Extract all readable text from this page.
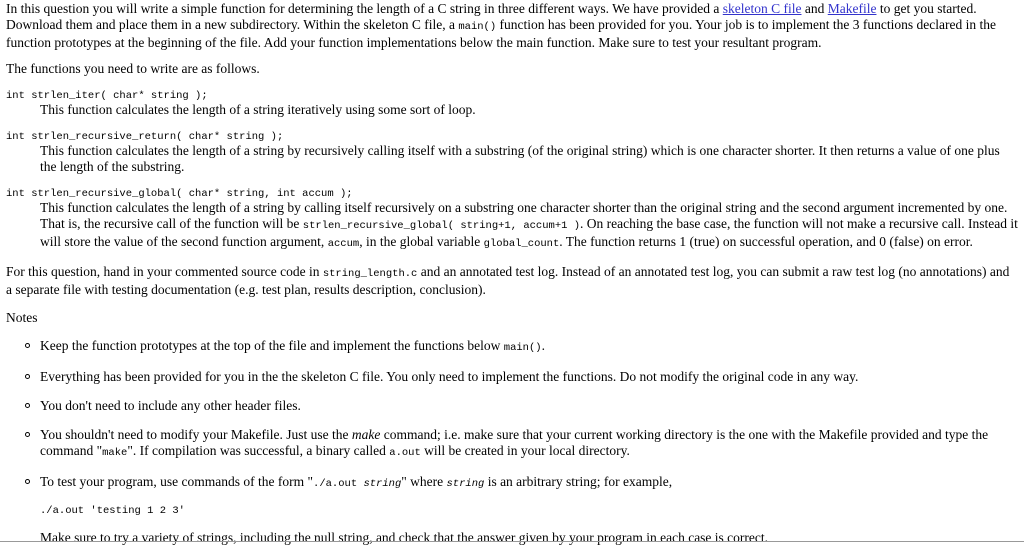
In this question you will write a simple function for determining the length of a C string in three different ways. We have provided a skeleton C file and Makefile to get you started. Download them and place them in a new subdirectory. Within the skeleton C file, a main() function has been provided for you. Your job is to implement the 3 functions declared in the function prototypes at the beginning of the file. Add your function implementations below the main function. Make sure to test your resultant program.

The functions you need to write are as follows.

int strlen_iter( char* string );

This function calculates the length of a string iteratively using some sort of loop.

int strlen_recursive_return( char* string );

This function calculates the length of a string by recursively calling itself with a substring (of the original string) which is one character shorter. It then returns a value of one plus the length of the substring.

int strlen_recursive_global( char* string, int accum );

This function calculates the length of a string by calling itself recursively on a substring one character shorter than the original string and the second argument incremented by one. That is, the recursive call of the function will be strlen_recursive_global( string+1, accum+1 ). On reaching the base case, the function will not make a recursive call. Instead it will store the value of the second function argument, accum, in the global variable global_count. The function returns 1 (true) on successful operation, and 0 (false) on error.

For this question, hand in your commented source code in string_length.c and an annotated test log. Instead of an annotated test log, you can submit a raw test log (no annotations) and a separate file with testing documentation (e.g. test plan, results description, conclusion).

Notes

Keep the function prototypes at the top of the file and implement the functions below main().
Everything has been provided for you in the the skeleton C file. You only need to implement the functions. Do not modify the original code in any way.
You don't need to include any other header files.
You shouldn't need to modify your Makefile. Just use the make command; i.e. make sure that your current working directory is the one with the Makefile provided and type the command "make". If compilation was successful, a binary called a.out will be created in your local directory.
To test your program, use commands of the form "./a.out string" where string is an arbitrary string; for example,
./a.out 'testing 1 2 3'

Make sure to try a variety of strings, including the null string, and check that the answer given by your program in each case is correct.
